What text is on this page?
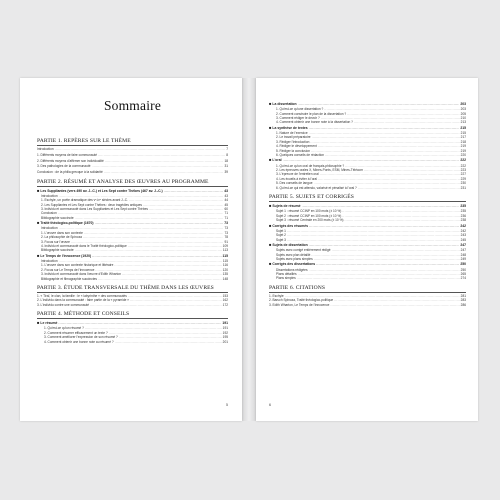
Sommaire
PARTIE 1. REPÈRES SUR LE THÈME
Introduction .....	7
1. Différents moyens de faire communauté .....	8
2. Différents moyens d'affirmer son individualité .....	18
3. Des pathologies de la communauté .....	31
Conclusion : de la philia grecque à la solidarité .....	39
PARTIE 2. RÉSUMÉ ET ANALYSE DES ŒUVRES AU PROGRAMME
■ Les Suppliantes (vers 490 av. J.-C.) et Les Sept contre Thèbes (467 av. J.-C.) .....	43
Introduction .....	43
1. Eschyle, un poète dramatique des vᵉ-ivᵉ siècles avant J.-C. .....	44
2. Les Suppliantes et Les Sept contre Thèbes : deux tragédies antiques .....	45
3. Individu et communauté dans Les Suppliantes et Les Sept contre Thèbes .....	60
Conclusion .....	71
Bibliographie succincte .....	71
■ Traité théologico-politique (1670) .....	73
Introduction .....	73
1. L'œuvre dans son contexte .....	73
2. La philosophie de Spinoza .....	78
3. Focus sur l'œuvre .....	91
4. Individu et communauté dans le Traité théologico-politique .....	109
Bibliographie succincte .....	113
■ Le Temps de l'innocence (1920) .....	115
Introduction .....	115
1. L'œuvre dans son contexte historique et littéraire .....	116
2. Focus sur Le Temps de l'innocence .....	120
3. Individu et communauté dans l'œuvre d'Edith Wharton .....	135
Bibliographie et filmographie succinctes .....	148
PARTIE 3. ÉTUDE TRANSVERSALE DU THÈME DANS LES ŒUVRES
1. « Tiraï, le clan, la famille : le « labyrinthe » des communautés .....	153
2. L'individu dans la communauté : faire partie de la « pyramide » .....	162
3. L'individu contre une communauté .....	172
PARTIE 4. MÉTHODE ET CONSEILS
■ Le résumé .....	191
1. Qu'est-ce qu'un résumé ? .....	191
2. Comment résumer efficacement un texte ? .....	192
3. Comment améliorer l'expression de son résumé ? .....	195
4. Comment obtenir une bonne note au résumé ? .....	201
5
■ La dissertation .....	203
1. Qu'est-ce qu'une dissertation ? .....	203
2. Comment construire le plan de la dissertation ? .....	205
3. Comment rédiger le devoir ? .....	210
4. Comment obtenir une bonne note à la dissertation ? .....	213
■ La synthèse de textes .....	215
1. Nature de l'exercice .....	215
2. Le travail préparatoire .....	217
3. Rédiger l'introduction .....	218
4. Rédiger le développement .....	219
5. Rédiger la conclusion .....	219
6. Quelques conseils de rédaction .....	220
■ L'oral .....	222
1. Qu'est-ce qu'un oral de français-philosophie ? .....	222
2. Les épreuves orales X, Mines-Ponts, ESM, Mines-Télécom .....	223
3. L'épreuve de l'entretien oral .....	227
4. Les écueils à éviter à l'oral .....	229
5. Des conseils de langue .....	230
6. Qu'est-ce qui est attendu, valorisé et pénalisé à l'oral ? .....	231
PARTIE 5. SUJETS ET CORRIGÉS
■ Sujets de résumé .....	235
Sujet 1 : résumé CCINP en 100 mots (± 10 %) .....	235
Sujet 2 : résumé CCINP en 100 mots (± 10 %) .....	236
Sujet 3 : résumé Centrale en 200 mots (± 10 %) .....	238
■ Corrigés des résumés .....	242
Sujet 1 .....	242
Sujet 2 .....	243
Sujet 3 .....	245
■ Sujets de dissertation .....	247
Sujets avec corrigé entièrement rédigé .....	247
Sujets avec plan détaillé .....	248
Sujets avec plans simples .....	249
■ Corrigés des dissertations .....	250
Dissertations rédigées .....	250
Plans détaillés .....	265
Plans simples .....	274
PARTIE 6. CITATIONS
1. Eschyle .....	281
2. Baruch Spinoza, Traité théologico-politique .....	283
3. Edith Wharton, Le Temps de l'innocence .....	286
6
